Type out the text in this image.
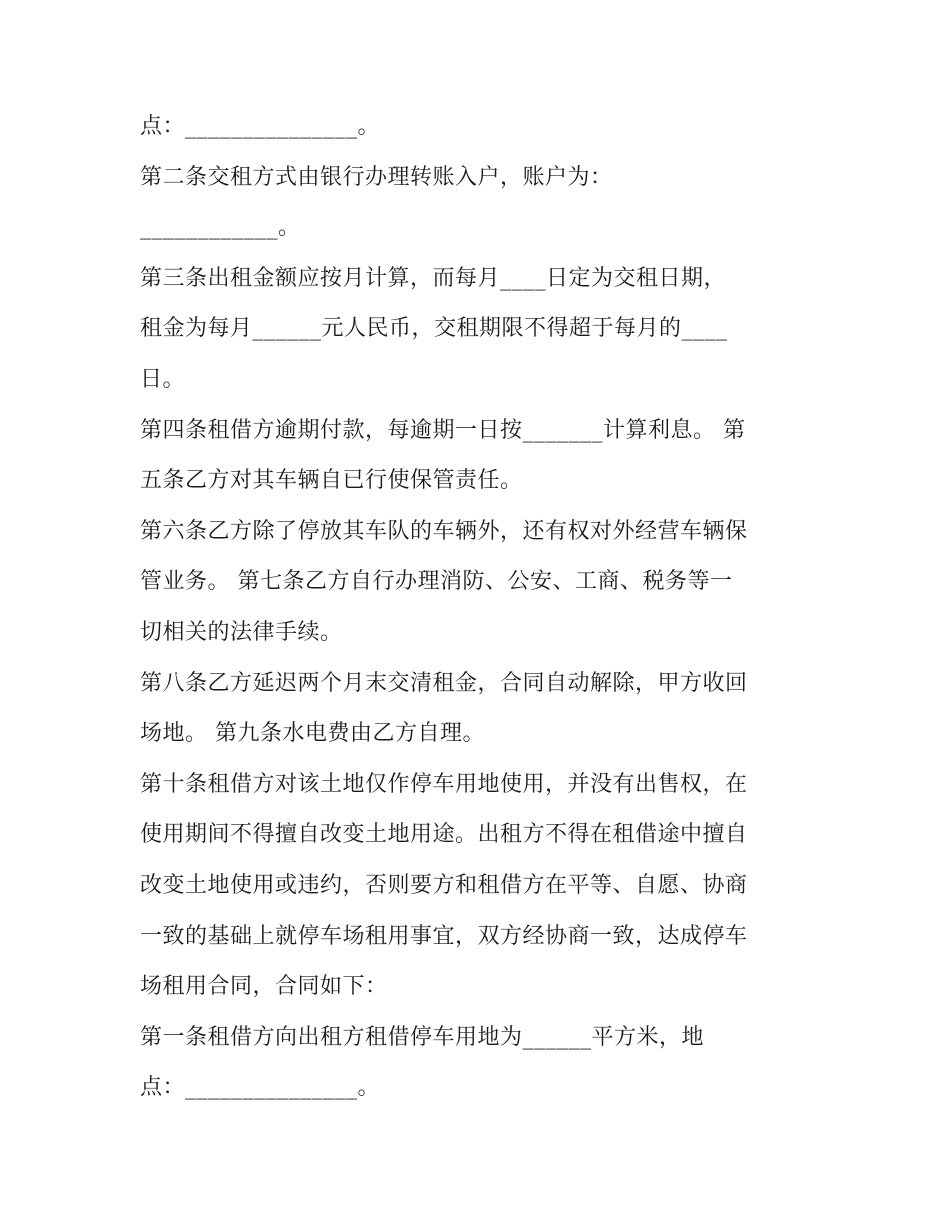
点：_______________。
第二条交租方式由银行办理转账入户，账户为：
____________。
第三条出租金额应按月计算，而每月____日定为交租日期，
租金为每月______元人民币，交租期限不得超于每月的____
日。
第四条租借方逾期付款，每逾期一日按_______计算利息。 第
五条乙方对其车辆自已行使保管责任。
第六条乙方除了停放其车队的车辆外，还有权对外经营车辆保
管业务。 第七条乙方自行办理消防、公安、工商、税务等一
切相关的法律手续。
第八条乙方延迟两个月末交清租金，合同自动解除，甲方收回
场地。 第九条水电费由乙方自理。
第十条租借方对该土地仅作停车用地使用，并没有出售权，在
使用期间不得擅自改变土地用途。出租方不得在租借途中擅自
改变土地使用或违约，否则要方和租借方在平等、自愿、协商
一致的基础上就停车场租用事宜，双方经协商一致，达成停车
场租用合同，合同如下：
第一条租借方向出租方租借停车用地为______平方米，地
点：_______________。
